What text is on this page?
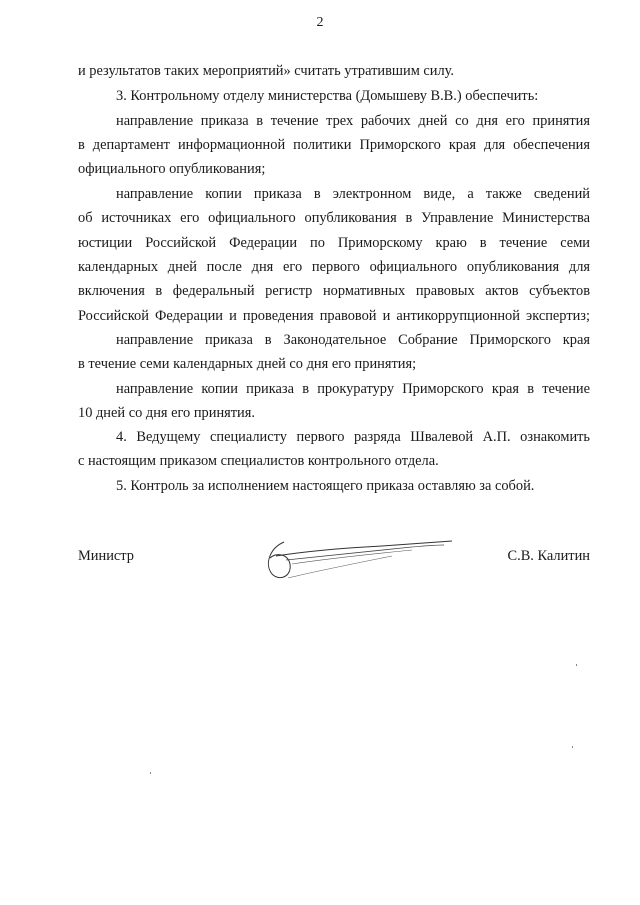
2
и результатов таких мероприятий» считать утратившим силу.
3. Контрольному отделу министерства (Домышеву В.В.) обеспечить:
направление приказа в течение трех рабочих дней со дня его принятия
в департамент информационной политики Приморского края для обеспечения
официального опубликования;
направление копии приказа в электронном виде, а также сведений
об источниках его официального опубликования в Управление Министерства
юстиции Российской Федерации по Приморскому краю в течение семи
календарных дней после дня его первого официального опубликования для
включения в федеральный регистр нормативных правовых актов субъектов
Российской Федерации и проведения правовой и антикоррупционной экспертиз;
направление приказа в Законодательное Собрание Приморского края
в течение семи календарных дней со дня его принятия;
направление копии приказа в прокуратуру Приморского края в течение
10 дней со дня его принятия.
4. Ведущему специалисту первого разряда Швалевой А.П. ознакомить
с настоящим приказом специалистов контрольного отдела.
5. Контроль за исполнением настоящего приказа оставляю за собой.
Министр	С.В. Калитин
